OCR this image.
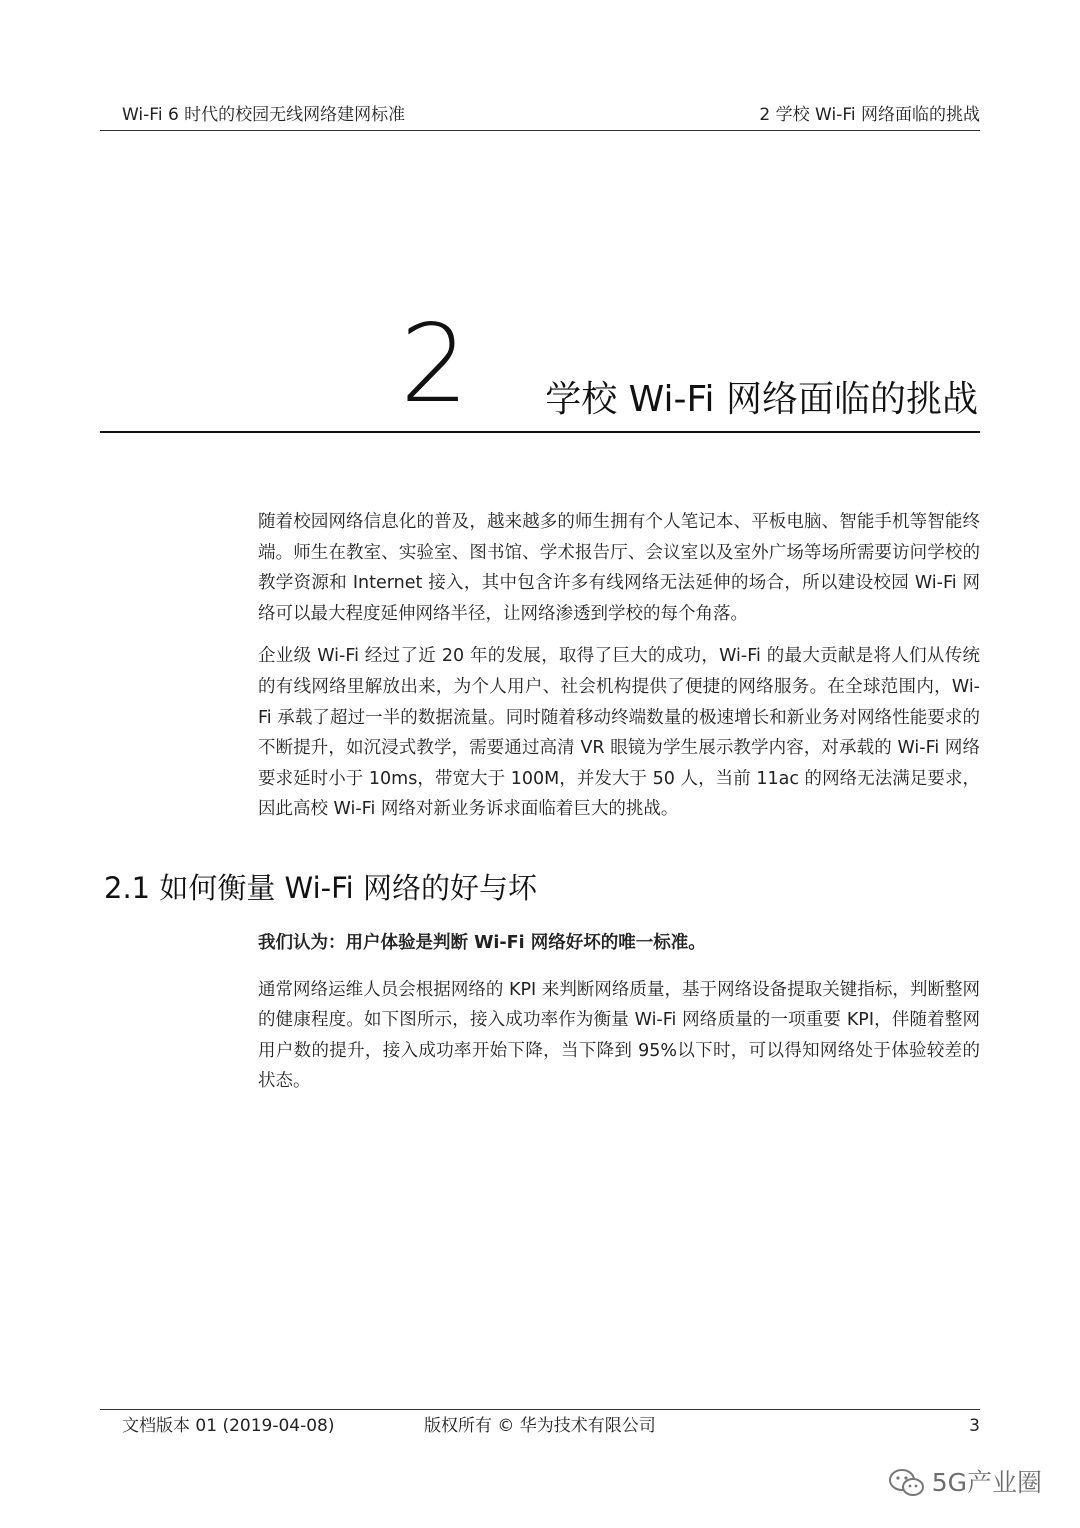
Wi-Fi 6 时代的校园无线网络建网标准	2 学校 Wi-Fi 网络面临的挑战
2 学校 Wi-Fi 网络面临的挑战

随着校园网络信息化的普及，越来越多的师生拥有个人笔记本、平板电脑、智能手机等智能终端。师生在教室、实验室、图书馆、学术报告厅、会议室以及室外广场等场所需要访问学校的教学资源和 Internet 接入，其中包含许多有线网络无法延伸的场合，所以建设校园 Wi-Fi 网络可以最大程度延伸网络半径，让网络渗透到学校的每个角落。

企业级 Wi-Fi 经过了近 20 年的发展，取得了巨大的成功，Wi-Fi 的最大贡献是将人们从传统的有线网络里解放出来，为个人用户、社会机构提供了便捷的网络服务。在全球范围内，Wi-Fi 承载了超过一半的数据流量。同时随着移动终端数量的极速增长和新业务对网络性能要求的不断提升，如沉浸式教学，需要通过高清 VR 眼镜为学生展示教学内容，对承载的 Wi-Fi 网络要求延时小于 10ms，带宽大于 100M，并发大于 50 人，当前 11ac 的网络无法满足要求，因此高校 Wi-Fi 网络对新业务诉求面临着巨大的挑战。

2.1 如何衡量 Wi-Fi 网络的好与坏

我们认为：用户体验是判断 Wi-Fi 网络好坏的唯一标准。

通常网络运维人员会根据网络的 KPI 来判断网络质量，基于网络设备提取关键指标，判断整网的健康程度。如下图所示，接入成功率作为衡量 Wi-Fi 网络质量的一项重要 KPI，伴随着整网用户数的提升，接入成功率开始下降，当下降到 95%以下时，可以得知网络处于体验较差的状态。

文档版本 01 (2019-04-08)	版权所有 © 华为技术有限公司	3
5G产业圈
